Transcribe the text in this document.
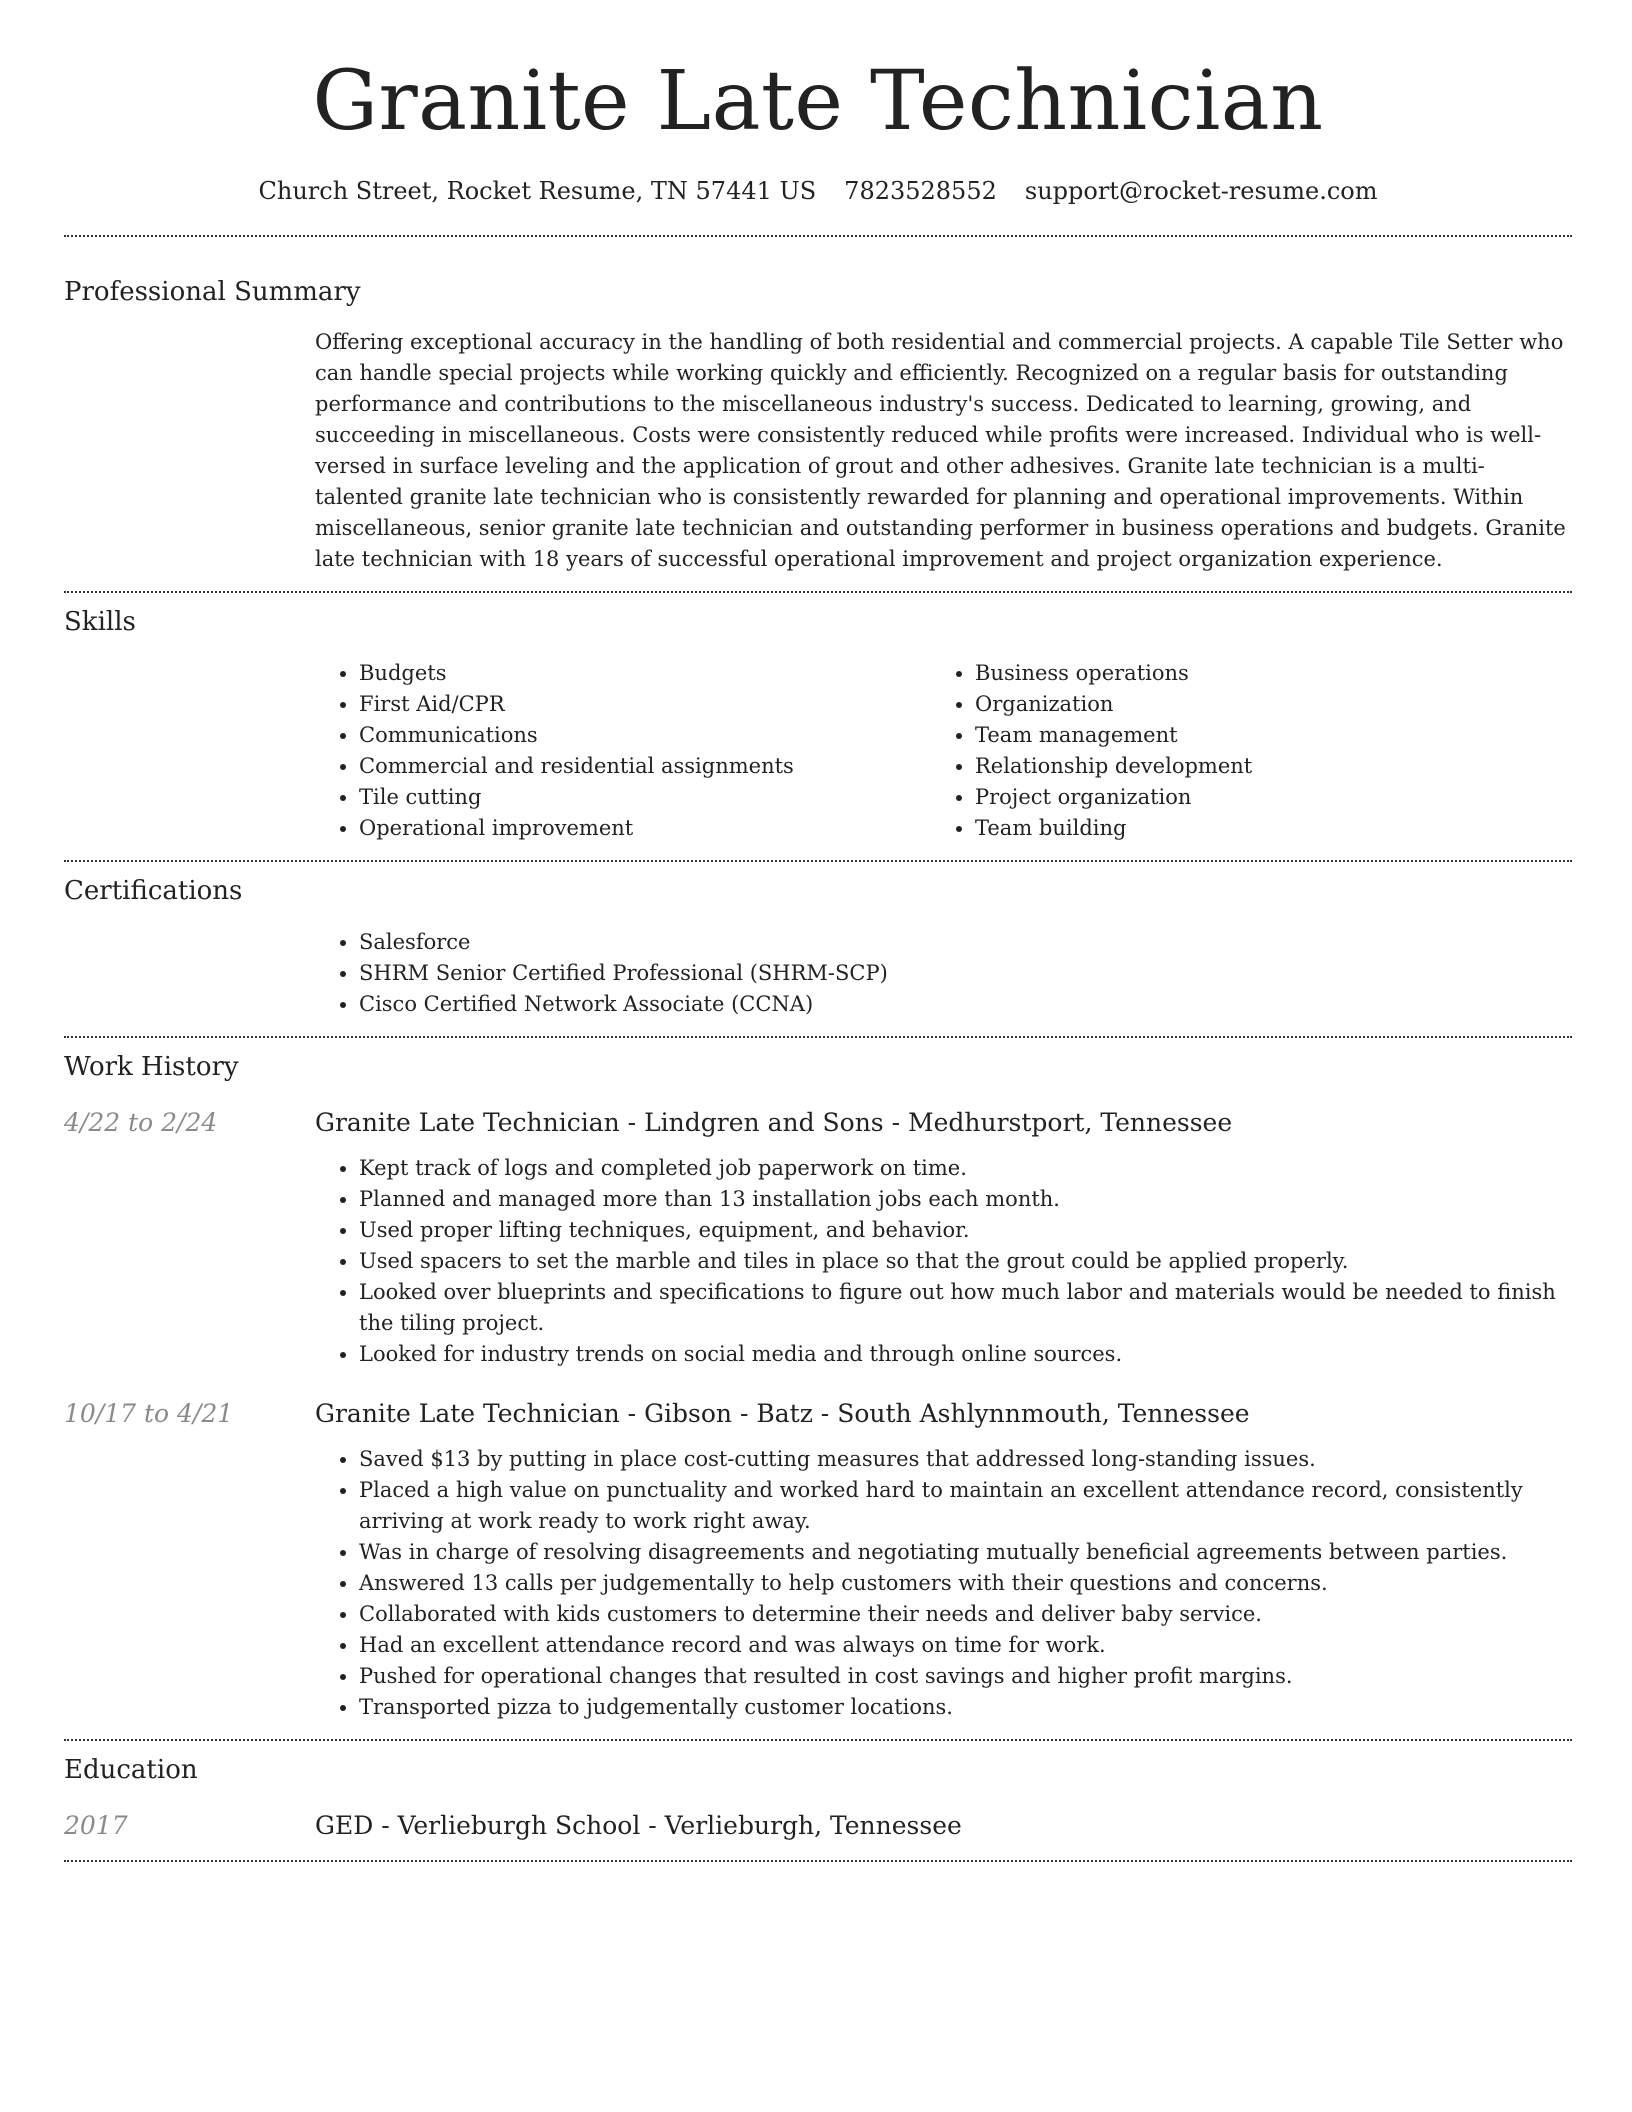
Granite Late Technician
Church Street, Rocket Resume, TN 57441 US 7823528552 support@rocket-resume.com
Professional Summary

Offering exceptional accuracy in the handling of both residential and commercial projects. A capable Tile Setter who can handle special projects while working quickly and efficiently. Recognized on a regular basis for outstanding performance and contributions to the miscellaneous industry's success. Dedicated to learning, growing, and succeeding in miscellaneous. Costs were consistently reduced while profits were increased. Individual who is well-versed in surface leveling and the application of grout and other adhesives. Granite late technician is a multi-talented granite late technician who is consistently rewarded for planning and operational improvements. Within miscellaneous, senior granite late technician and outstanding performer in business operations and budgets. Granite late technician with 18 years of successful operational improvement and project organization experience.

Skills
• Budgets
• First Aid/CPR
• Communications
• Commercial and residential assignments
• Tile cutting
• Operational improvement
• Business operations
• Organization
• Team management
• Relationship development
• Project organization
• Team building
Certifications
• Salesforce
• SHRM Senior Certified Professional (SHRM-SCP)
• Cisco Certified Network Associate (CCNA)
Work History
4/22 to 2/24	Granite Late Technician - Lindgren and Sons - Medhurstport, Tennessee
• Kept track of logs and completed job paperwork on time.
• Planned and managed more than 13 installation jobs each month.
• Used proper lifting techniques, equipment, and behavior.
• Used spacers to set the marble and tiles in place so that the grout could be applied properly.
• Looked over blueprints and specifications to figure out how much labor and materials would be needed to finish the tiling project.
• Looked for industry trends on social media and through online sources.
10/17 to 4/21	Granite Late Technician - Gibson - Batz - South Ashlynnmouth, Tennessee
• Saved $13 by putting in place cost-cutting measures that addressed long-standing issues.
• Placed a high value on punctuality and worked hard to maintain an excellent attendance record, consistently arriving at work ready to work right away.
• Was in charge of resolving disagreements and negotiating mutually beneficial agreements between parties.
• Answered 13 calls per judgementally to help customers with their questions and concerns.
• Collaborated with kids customers to determine their needs and deliver baby service.
• Had an excellent attendance record and was always on time for work.
• Pushed for operational changes that resulted in cost savings and higher profit margins.
• Transported pizza to judgementally customer locations.
Education
2017	GED - Verlieburgh School - Verlieburgh, Tennessee
